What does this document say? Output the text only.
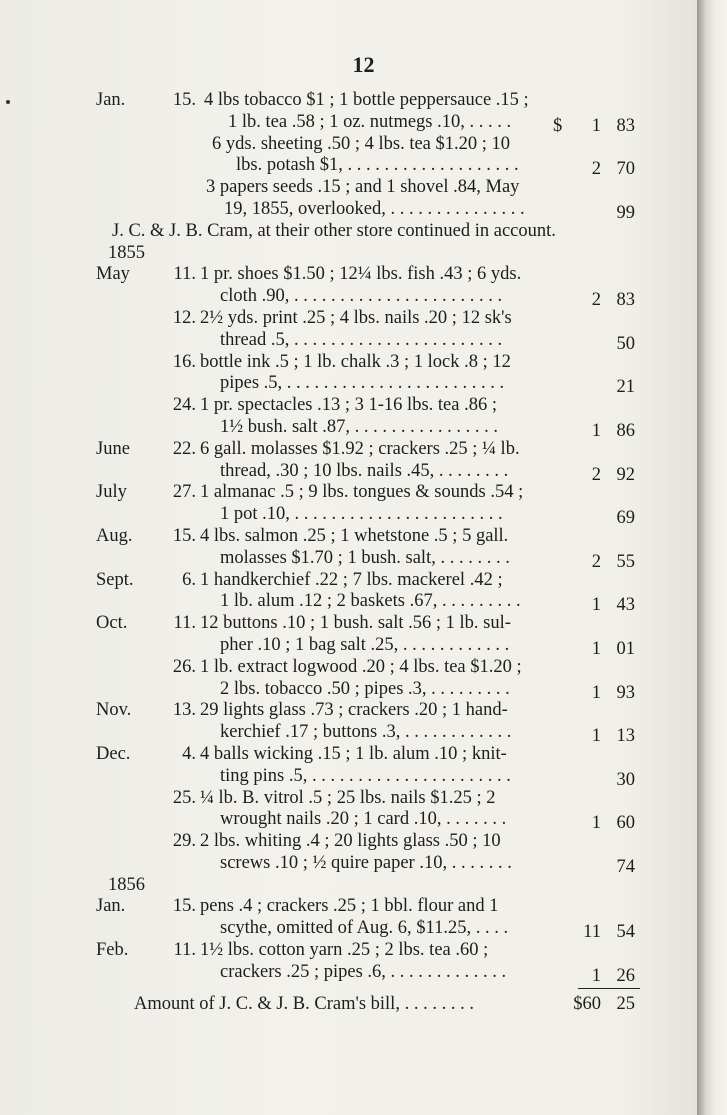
12
Jan.	15. 4 lbs tobacco $1 ; 1 bottle peppersauce .15 ;

1 lb. tea .58 ; 1 oz. nutmegs .10, . . . . .	$	1 83

6 yds. sheeting .50 ; 4 lbs. tea $1.20 ; 10

lbs. potash $1, . . . . . . . . . . . . . . . . . . .	2 70

3 papers seeds .15 ; and 1 shovel .84, May

19, 1855, overlooked, . . . . . . . . . . . . . . .	99

J. C. & J. B. Cram, at their other store continued in account.

1855
May	11. 1 pr. shoes $1.50 ; 12¼ lbs. fish .43 ; 6 yds.

cloth .90, . . . . . . . . . . . . . . . . . . . . . . .	2 83
12. 2½ yds. print .25 ; 4 lbs. nails .20 ; 12 sk's

thread .5, . . . . . . . . . . . . . . . . . . . . . . .	50
16. bottle ink .5 ; 1 lb. chalk .3 ; 1 lock .8 ; 12

pipes .5, . . . . . . . . . . . . . . . . . . . . . . . .	21
24. 1 pr. spectacles .13 ; 3 1-16 lbs. tea .86 ;

1½ bush. salt .87, . . . . . . . . . . . . . . . .	1 86
June	22. 6 gall. molasses $1.92 ; crackers .25 ; ¼ lb.

thread, .30 ; 10 lbs. nails .45, . . . . . . . .	2 92
July	27. 1 almanac .5 ; 9 lbs. tongues & sounds .54 ;

1 pot .10, . . . . . . . . . . . . . . . . . . . . . . .	69
Aug.	15. 4 lbs. salmon .25 ; 1 whetstone .5 ; 5 gall.

molasses $1.70 ; 1 bush. salt, . . . . . . . .	2 55
Sept.	6. 1 handkerchief .22 ; 7 lbs. mackerel .42 ;

1 lb. alum .12 ; 2 baskets .67, . . . . . . . . .	1 43
Oct.	11. 12 buttons .10 ; 1 bush. salt .56 ; 1 lb. sul-

pher .10 ; 1 bag salt .25, . . . . . . . . . . . .	1 01
26. 1 lb. extract logwood .20 ; 4 lbs. tea $1.20 ;

2 lbs. tobacco .50 ; pipes .3, . . . . . . . . .	1 93
Nov.	13. 29 lights glass .73 ; crackers .20 ; 1 hand-

kerchief .17 ; buttons .3, . . . . . . . . . . . .	1 13
Dec.	4. 4 balls wicking .15 ; 1 lb. alum .10 ; knit-

ting pins .5, . . . . . . . . . . . . . . . . . . . . . .	30
25. ¼ lb. B. vitrol .5 ; 25 lbs. nails $1.25 ; 2

wrought nails .20 ; 1 card .10, . . . . . . .	1 60
29. 2 lbs. whiting .4 ; 20 lights glass .50 ; 10

screws .10 ; ½ quire paper .10, . . . . . . .	74
1856
Jan.	15. pens .4 ; crackers .25 ; 1 bbl. flour and 1

scythe, omitted of Aug. 6, $11.25, . . . .	11 54
Feb.	11. 1½ lbs. cotton yarn .25 ; 2 lbs. tea .60 ;

crackers .25 ; pipes .6, . . . . . . . . . . . . .	1 26

Amount of J. C. & J. B. Cram's bill, . . . . . . . .	$60 25
